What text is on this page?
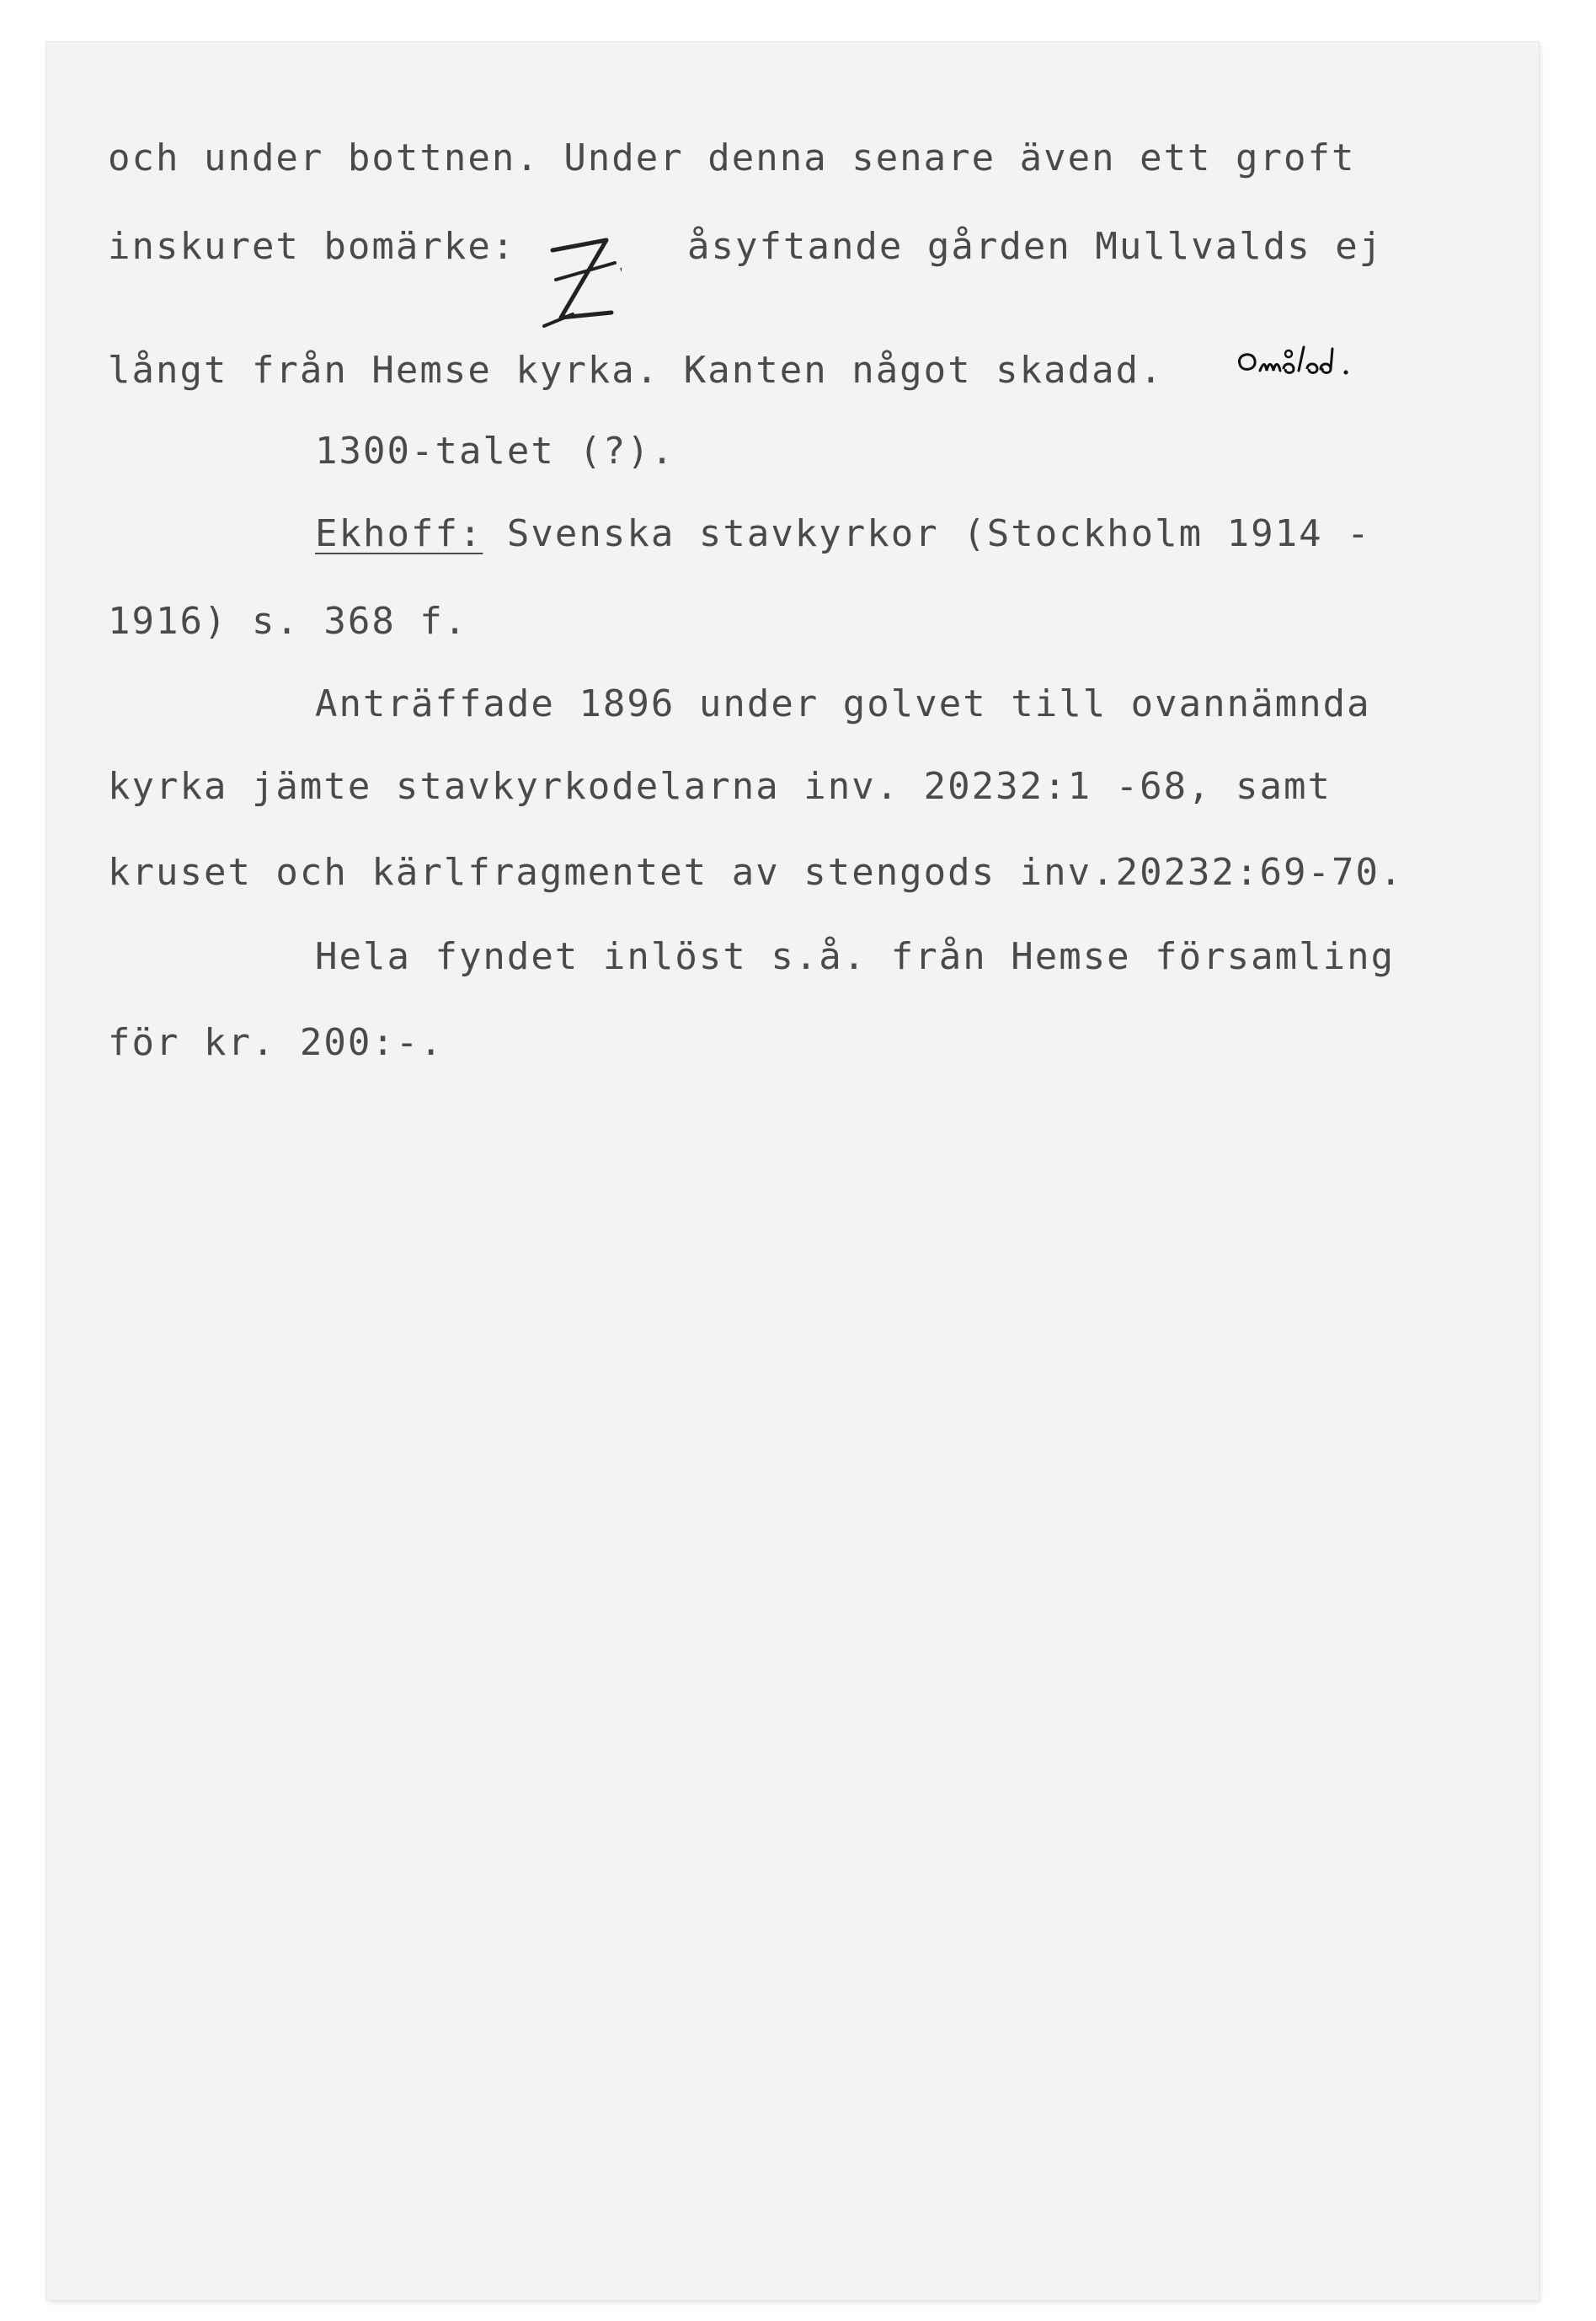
och under bottnen. Under denna senare även ett groft
inskuret bomärke:	åsyftande gården Mullvalds ej
långt från Hemse kyrka. Kanten något skadad.
1300-talet (?).
Ekhoff: Svenska stavkyrkor (Stockholm 1914 -
1916) s. 368 f.
Anträffade 1896 under golvet till ovannämnda
kyrka jämte stavkyrkodelarna inv. 20232:1 -68, samt
kruset och kärlfragmentet av stengods inv.20232:69-70.
Hela fyndet inlöst s.å. från Hemse församling
för kr. 200:-.
